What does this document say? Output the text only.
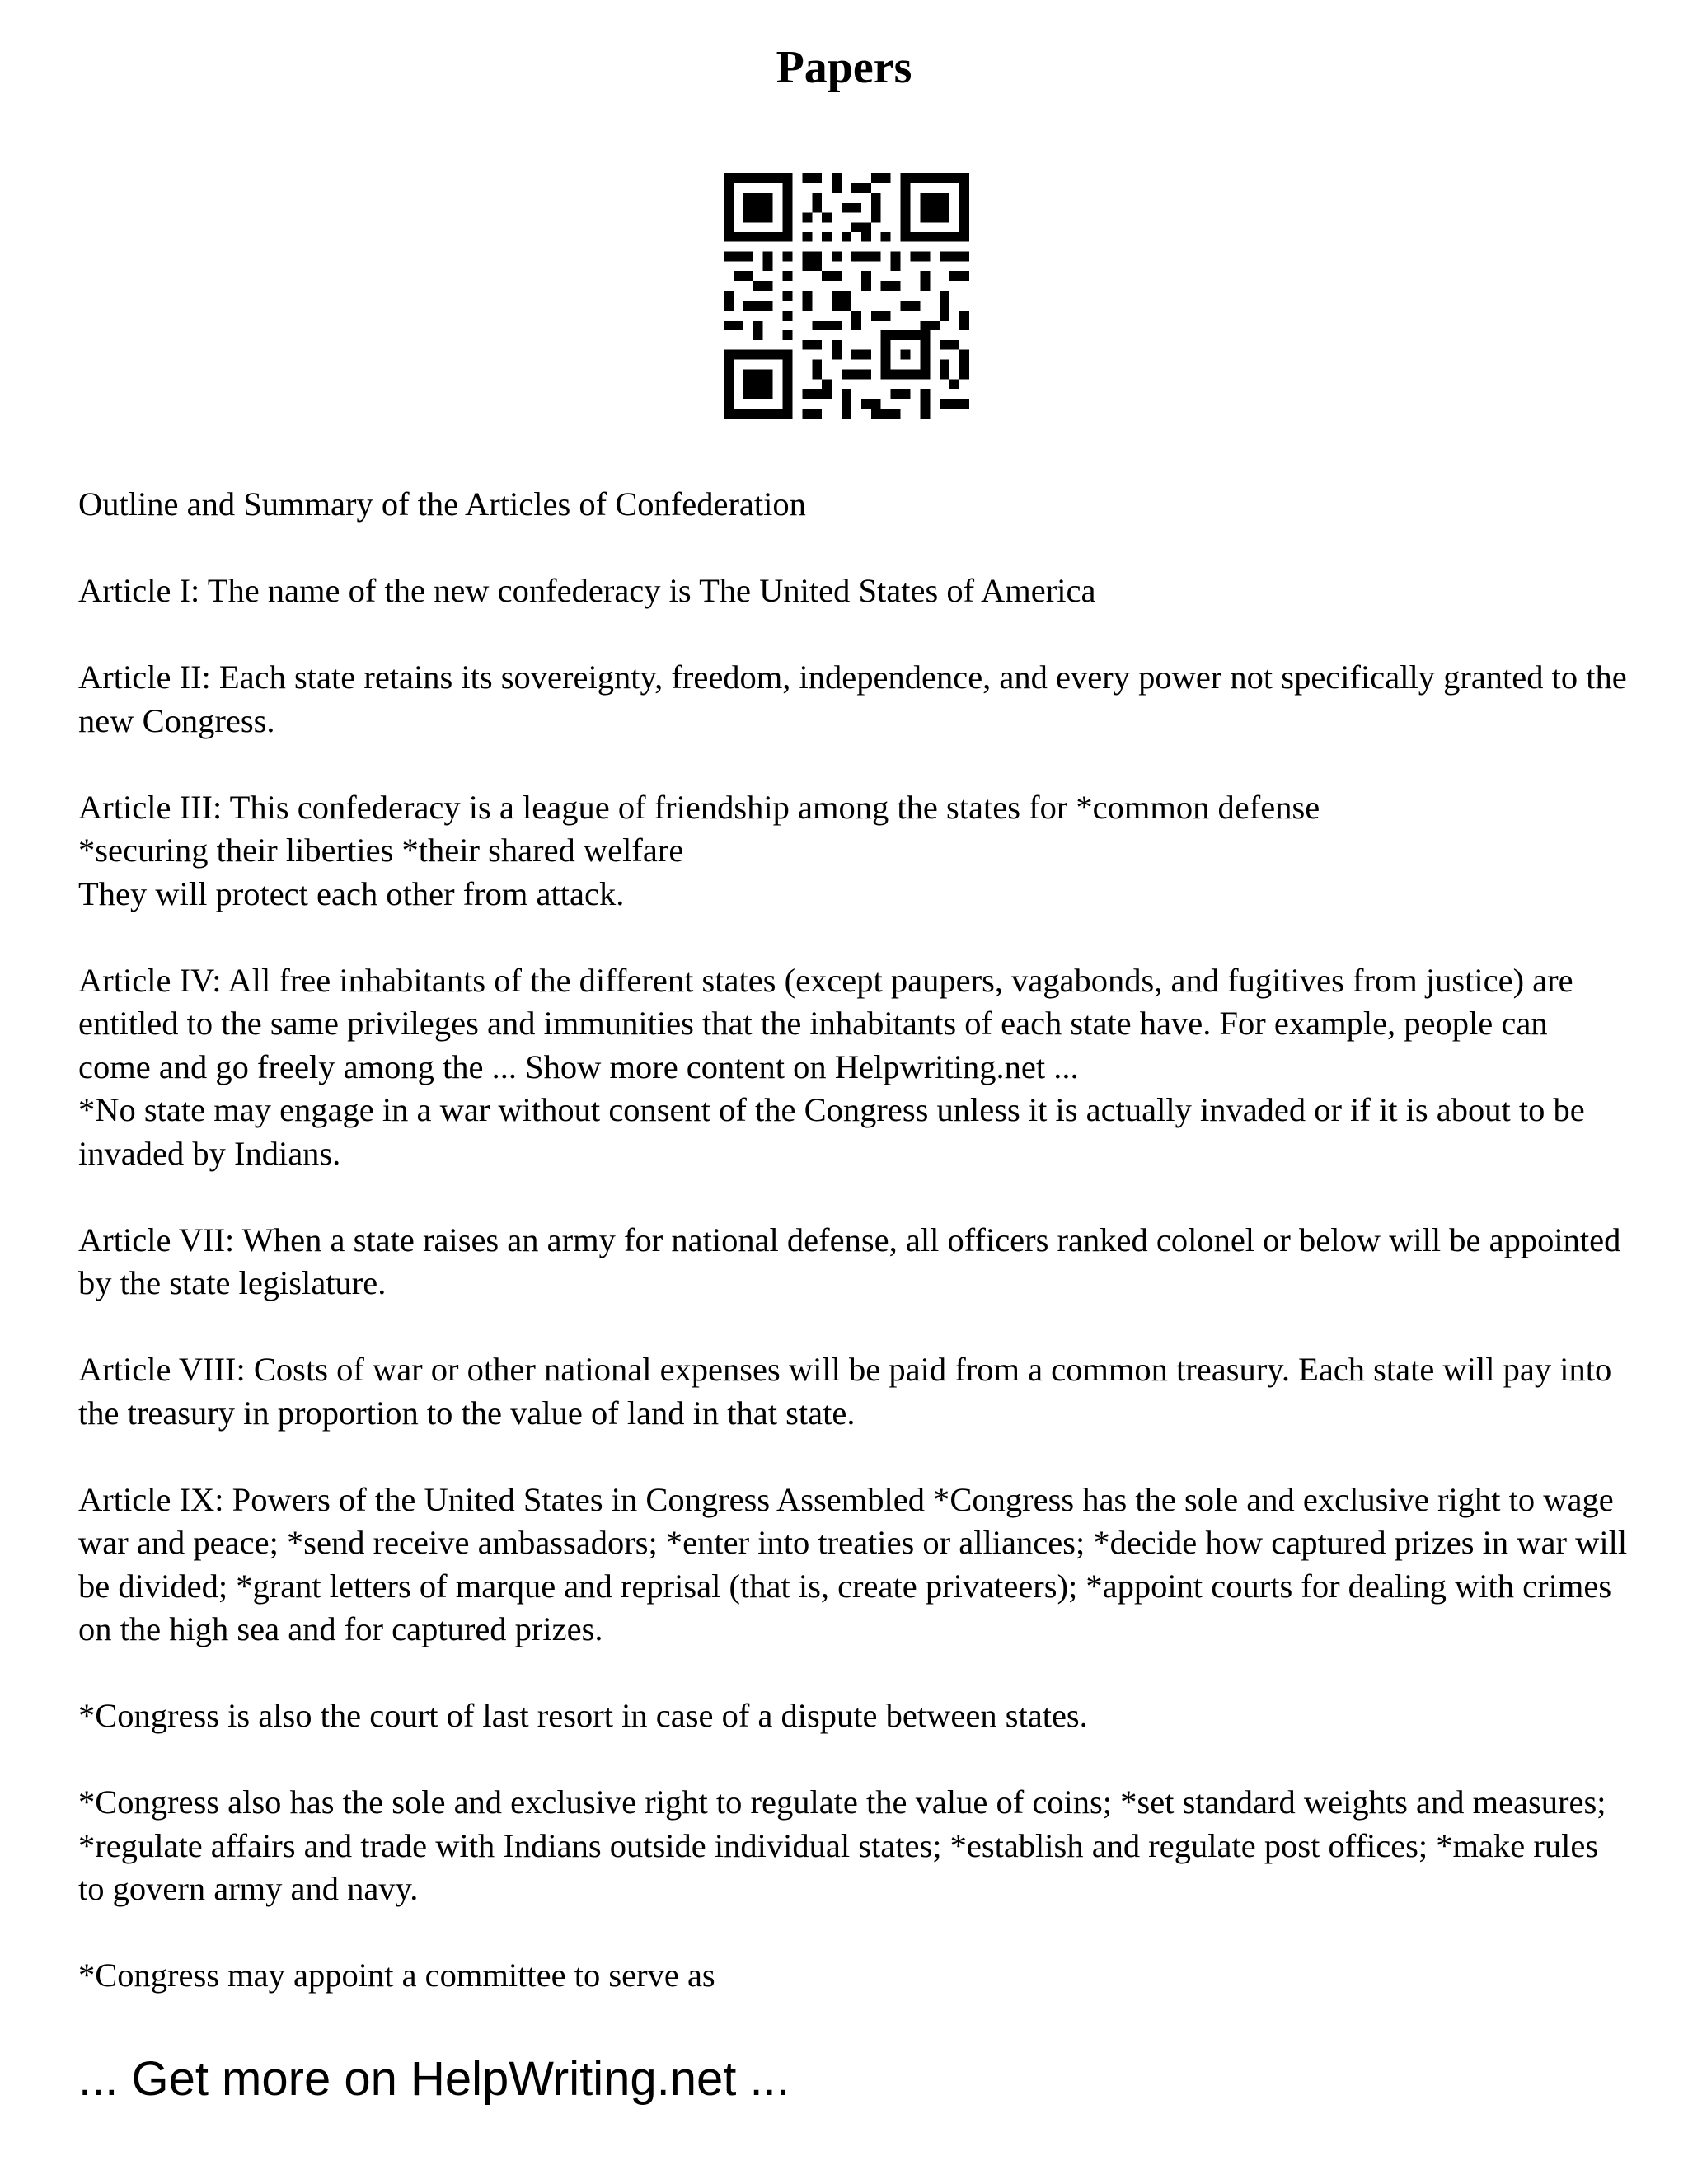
Papers

Outline and Summary of the Articles of Confederation

Article I: The name of the new confederacy is The United States of America

Article II: Each state retains its sovereignty, freedom, independence, and every power not specifically granted to the new Congress.

Article III: This confederacy is a league of friendship among the states for *common defense
*securing their liberties *their shared welfare
They will protect each other from attack.

Article IV: All free inhabitants of the different states (except paupers, vagabonds, and fugitives from justice) are entitled to the same privileges and immunities that the inhabitants of each state have. For example, people can come and go freely among the ... Show more content on Helpwriting.net ...
*No state may engage in a war without consent of the Congress unless it is actually invaded or if it is about to be invaded by Indians.

Article VII: When a state raises an army for national defense, all officers ranked colonel or below will be appointed by the state legislature.

Article VIII: Costs of war or other national expenses will be paid from a common treasury. Each state will pay into the treasury in proportion to the value of land in that state.

Article IX: Powers of the United States in Congress Assembled *Congress has the sole and exclusive right to wage war and peace; *send receive ambassadors; *enter into treaties or alliances; *decide how captured prizes in war will be divided; *grant letters of marque and reprisal (that is, create privateers); *appoint courts for dealing with crimes on the high sea and for captured prizes.

*Congress is also the court of last resort in case of a dispute between states.

*Congress also has the sole and exclusive right to regulate the value of coins; *set standard weights and measures; *regulate affairs and trade with Indians outside individual states; *establish and regulate post offices; *make rules to govern army and navy.

*Congress may appoint a committee to serve as

... Get more on HelpWriting.net ...
